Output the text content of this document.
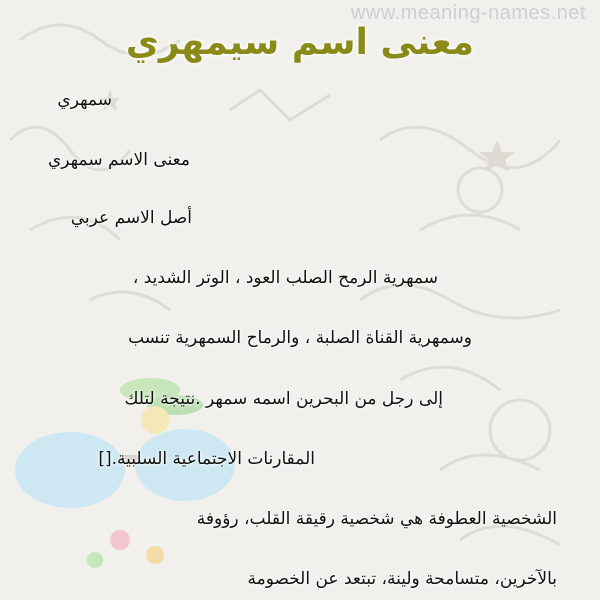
www.meaning-names.net
معنى اسم سيمهري
سمهري
معنى الاسم سمهري
أصل الاسم عربي
سمهرية الرمح الصلب العود ، الوتر الشديد ،
وسمهرية القناة الصلبة ، والرماح السمهرية تنسب
إلى رجل من البحرين اسمه سمهر .نتيجة لتلك
المقارنات الاجتماعية السلبية.[]
الشخصية العطوفة هي شخصية رقيقة القلب، رؤوفة
بالآخرين، متسامحة ولينة، تبتعد عن الخصومة
